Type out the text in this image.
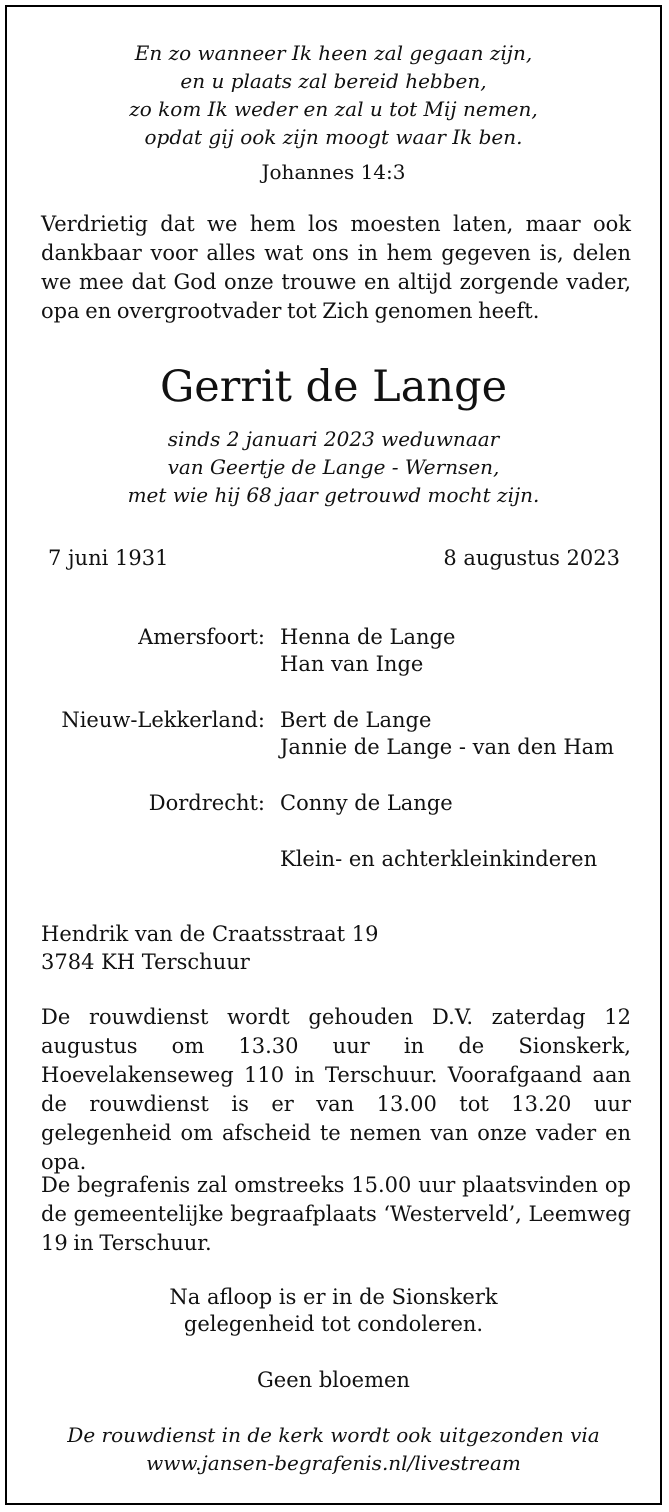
En zo wanneer Ik heen zal gegaan zijn,

en u plaats zal bereid hebben,

zo kom Ik weder en zal u tot Mij nemen,

opdat gij ook zijn moogt waar Ik ben.

Johannes 14:3

Verdrietig dat we hem los moesten laten, maar ook dankbaar voor alles wat ons in hem gegeven is, delen we mee dat God onze trouwe en altijd zorgende vader, opa en overgrootvader tot Zich genomen heeft.

Gerrit de Lange

sinds 2 januari 2023 weduwnaar

van Geertje de Lange - Wernsen,

met wie hij 68 jaar getrouwd mocht zijn.

7 juni 1931	8 augustus 2023

Amersfoort: Henna de Lange
Han van Inge
Nieuw-Lekkerland: Bert de Lange
Jannie de Lange - van den Ham
Dordrecht: Conny de Lange
Klein- en achterkleinkinderen

Hendrik van de Craatsstraat 19

3784 KH Terschuur

De rouwdienst wordt gehouden D.V. zaterdag 12 augustus om 13.30 uur in de Sionskerk, Hoevelakenseweg 110 in Terschuur. Voorafgaand aan de rouwdienst is er van 13.00 tot 13.20 uur gelegenheid om afscheid te nemen van onze vader en opa.

De begrafenis zal omstreeks 15.00 uur plaatsvinden op de gemeentelijke begraafplaats ‘Westerveld’, Leemweg 19 in Terschuur.

Na afloop is er in de Sionskerk

gelegenheid tot condoleren.

Geen bloemen

De rouwdienst in de kerk wordt ook uitgezonden via

www.jansen-begrafenis.nl/livestream
